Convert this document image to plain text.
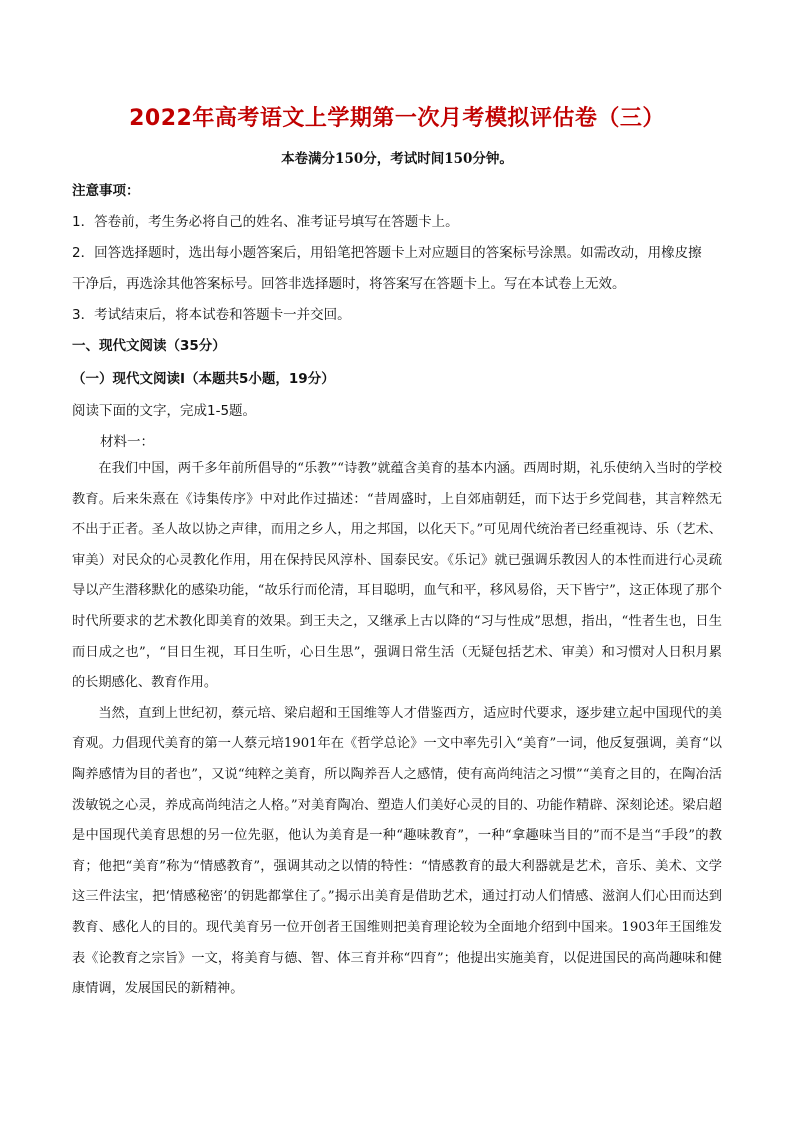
2022年高考语文上学期第一次月考模拟评估卷（三）
本卷满分150分，考试时间150分钟。
注意事项：
1．答卷前，考生务必将自己的姓名、准考证号填写在答题卡上。
2．回答选择题时，选出每小题答案后，用铅笔把答题卡上对应题目的答案标号涂黑。如需改动，用橡皮擦
干净后，再选涂其他答案标号。回答非选择题时，将答案写在答题卡上。写在本试卷上无效。
3．考试结束后，将本试卷和答题卡一并交回。
一、现代文阅读（35分）
（一）现代文阅读Ⅰ（本题共5小题，19分）
阅读下面的文字，完成1-5题。
材料一：

在我们中国，两千多年前所倡导的“乐教”“诗教”就蕴含美育的基本内涵。西周时期，礼乐使纳入当时的学校教育。后来朱熹在《诗集传序》中对此作过描述：“昔周盛时，上自郊庙朝廷，而下达于乡党闾巷，其言粹然无不出于正者。圣人故以协之声律，而用之乡人，用之邦国，以化天下。”可见周代统治者已经重视诗、乐（艺术、审美）对民众的心灵教化作用，用在保持民风淳朴、国泰民安。《乐记》就已强调乐教因人的本性而进行心灵疏导以产生潜移默化的感染功能，“故乐行而伦清，耳目聪明，血气和平，移风易俗，天下皆宁”，这正体现了那个时代所要求的艺术教化即美育的效果。到王夫之，又继承上古以降的“习与性成”思想，指出，“性者生也，日生而日成之也”，“目日生视，耳日生听，心日生思”，强调日常生活（无疑包括艺术、审美）和习惯对人日积月累的长期感化、教育作用。

当然，直到上世纪初，蔡元培、梁启超和王国维等人才借鉴西方，适应时代要求，逐步建立起中国现代的美育观。力倡现代美育的第一人蔡元培1901年在《哲学总论》一文中率先引入“美育”一词，他反复强调，美育“以陶养感情为目的者也”，又说“纯粹之美育，所以陶养吾人之感情，使有高尚纯洁之习惯”“美育之目的，在陶冶活泼敏锐之心灵，养成高尚纯洁之人格。”对美育陶冶、塑造人们美好心灵的目的、功能作精辟、深刻论述。梁启超是中国现代美育思想的另一位先驱，他认为美育是一种“趣味教育”，一种“拿趣味当目的”而不是当“手段”的教育；他把“美育”称为“情感教育”，强调其动之以情的特性：“情感教育的最大利器就是艺术，音乐、美术、文学这三件法宝，把‘情感秘密’的钥匙都掌住了。”揭示出美育是借助艺术，通过打动人们情感、滋润人们心田而达到教育、感化人的目的。现代美育另一位开创者王国维则把美育理论较为全面地介绍到中国来。1903年王国维发表《论教育之宗旨》一文，将美育与德、智、体三育并称“四育”；他提出实施美育，以促进国民的高尚趣味和健康情调，发展国民的新精神。
